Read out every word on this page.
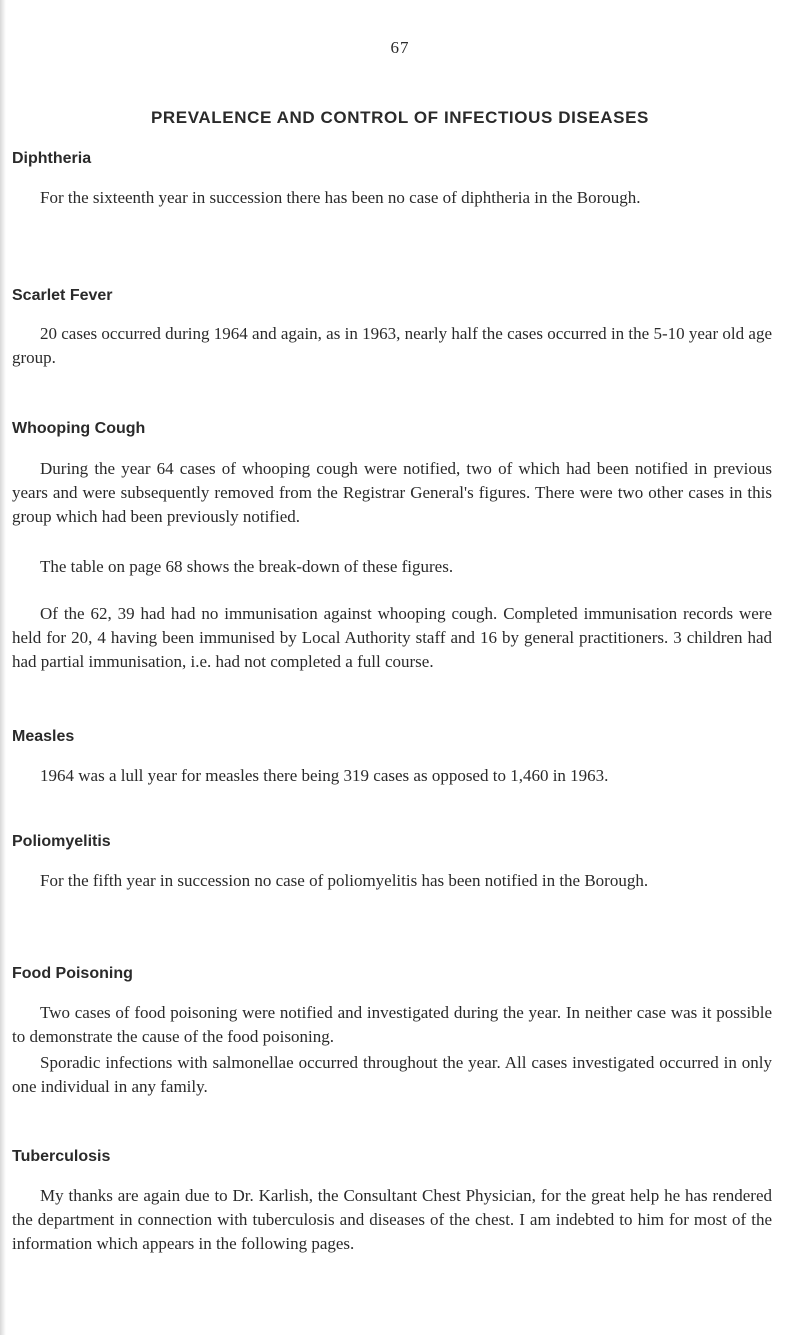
67
PREVALENCE AND CONTROL OF INFECTIOUS DISEASES
Diphtheria

For the sixteenth year in succession there has been no case of diphtheria in the Borough.

Scarlet Fever

20 cases occurred during 1964 and again, as in 1963, nearly half the cases occurred in the 5-10 year old age group.

Whooping Cough

During the year 64 cases of whooping cough were notified, two of which had been notified in previous years and were subsequently removed from the Registrar General's figures. There were two other cases in this group which had been previously notified.

The table on page 68 shows the break-down of these figures.

Of the 62, 39 had had no immunisation against whooping cough. Completed immunisation records were held for 20, 4 having been immunised by Local Authority staff and 16 by general practitioners. 3 children had had partial immunisation, i.e. had not completed a full course.

Measles

1964 was a lull year for measles there being 319 cases as opposed to 1,460 in 1963.

Poliomyelitis

For the fifth year in succession no case of poliomyelitis has been notified in the Borough.

Food Poisoning

Two cases of food poisoning were notified and investigated during the year. In neither case was it possible to demonstrate the cause of the food poisoning.

Sporadic infections with salmonellae occurred throughout the year. All cases investigated occurred in only one individual in any family.

Tuberculosis

My thanks are again due to Dr. Karlish, the Consultant Chest Physician, for the great help he has rendered the department in connection with tuberculosis and diseases of the chest. I am indebted to him for most of the information which appears in the following pages.
